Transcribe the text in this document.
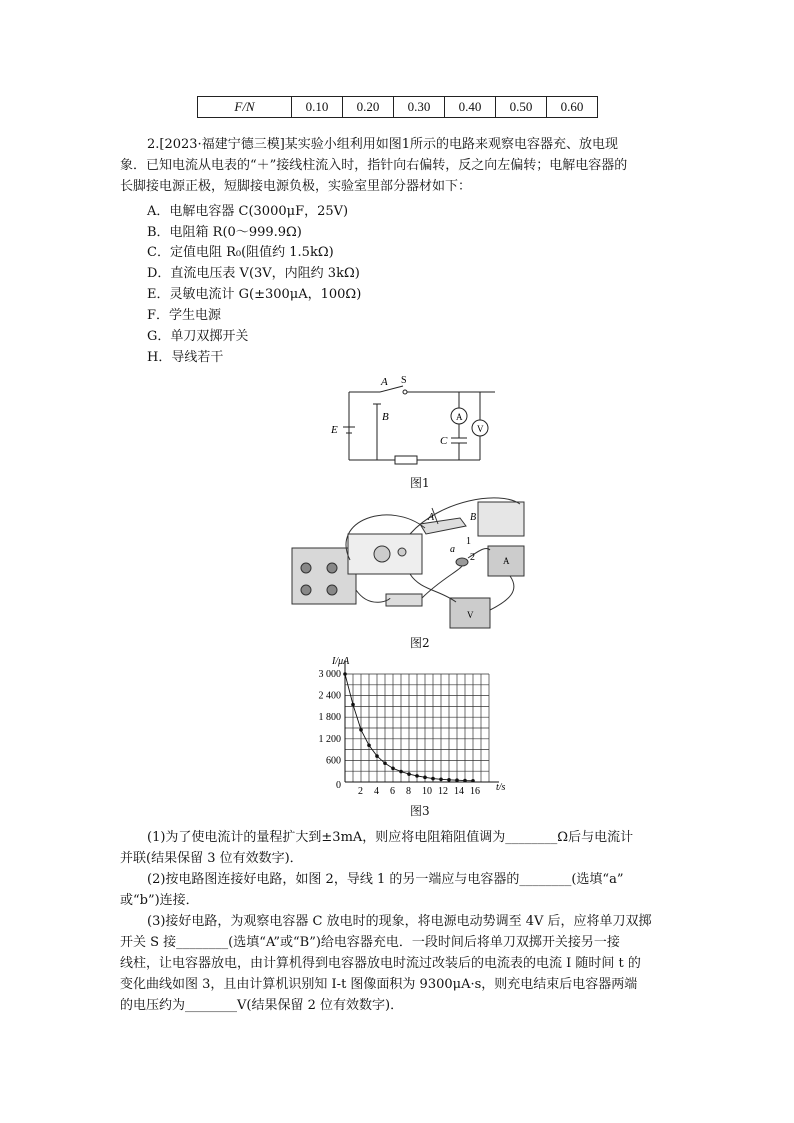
F/N	0.10	0.20	0.30	0.40	0.50	0.60
2.[2023·福建宁德三模]某实验小组利用如图1所示的电路来观察电容器充、放电现
象．已知电流从电表的“＋”接线柱流入时，指针向右偏转，反之向左偏转；电解电容器的
长脚接电源正极，短脚接电源负极，实验室里部分器材如下：
A．电解电容器 C(3000μF，25V)
B．电阻箱 R(0～999.9Ω)
C．定值电阻 R₀(阻值约 1.5kΩ)
D．直流电压表 V(3V，内阻约 3kΩ)
E．灵敏电流计 G(±300μA，100Ω)
F．学生电源
G．单刀双掷开关
H．导线若干
A S
B
E
C
A
V
图1
A	B
a
1
2	A
V
图2
2 4 6 8 10 12 14 16
600
1 200
1 800
2 400
3 000
I/μA
t/s
0
图3
(1)为了使电流计的量程扩大到±3mA，则应将电阻箱阻值调为________Ω后与电流计
并联(结果保留 3 位有效数字)．
(2)按电路图连接好电路，如图 2，导线 1 的另一端应与电容器的________(选填“a”
或“b”)连接．
(3)接好电路，为观察电容器 C 放电时的现象，将电源电动势调至 4V 后，应将单刀双掷
开关 S 接________(选填“A”或“B”)给电容器充电．一段时间后将单刀双掷开关接另一接
线柱，让电容器放电，由计算机得到电容器放电时流过改装后的电流表的电流 I 随时间 t 的
变化曲线如图 3，且由计算机识别知 I-t 图像面积为 9300μA·s，则充电结束后电容器两端
的电压约为________V(结果保留 2 位有效数字)．
